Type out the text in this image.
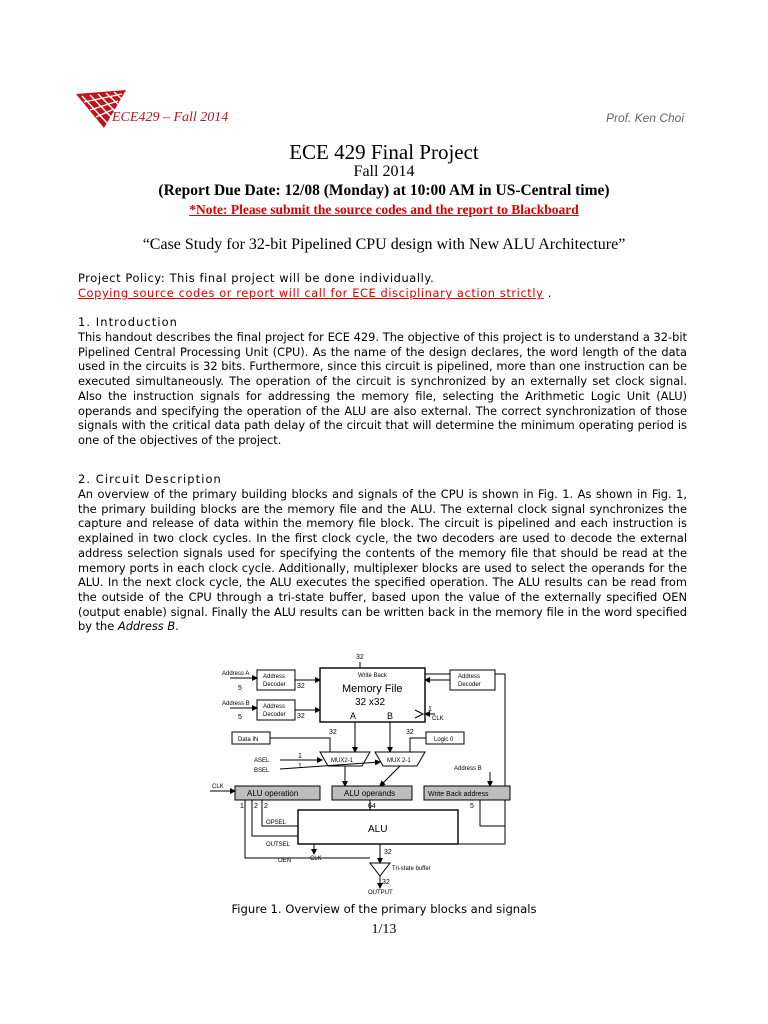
ECE429 – Fall 2014	Prof. Ken Choi
ECE 429 Final Project
Fall 2014
(Report Due Date: 12/08 (Monday) at 10:00 AM in US-Central time)
*Note: Please submit the source codes and the report to Blackboard
“Case Study for 32-bit Pipelined CPU design with New ALU Architecture”
Project Policy: This final project will be done individually.
Copying source codes or report will call for ECE disciplinary action strictly .
1. Introduction
This handout describes the final project for ECE 429. The objective of this project is to understand a 32-bit Pipelined Central Processing Unit (CPU). As the name of the design declares, the word length of the data used in the circuits is 32 bits. Furthermore, since this circuit is pipelined, more than one instruction can be executed simultaneously. The operation of the circuit is synchronized by an externally set clock signal. Also the instruction signals for addressing the memory file, selecting the Arithmetic Logic Unit (ALU) operands and specifying the operation of the ALU are also external. The correct synchronization of those signals with the critical data path delay of the circuit that will determine the minimum operating period is one of the objectives of the project.
2. Circuit Description
An overview of the primary building blocks and signals of the CPU is shown in Fig. 1. As shown in Fig. 1, the primary building blocks are the memory file and the ALU. The external clock signal synchronizes the capture and release of data within the memory file block. The circuit is pipelined and each instruction is explained in two clock cycles. In the first clock cycle, the two decoders are used to decode the external address selection signals used for specifying the contents of the memory file that should be read at the memory ports in each clock cycle. Additionally, multiplexer blocks are used to select the operands for the ALU. In the next clock cycle, the ALU executes the specified operation. The ALU results can be read from the outside of the CPU through a tri-state buffer, based upon the value of the externally specified OEN (output enable) signal. Finally the ALU results can be written back in the memory file in the word specified by the Address B.
32
Write Back
Address A
Address B
Address
Decoder
Address
Decoder
Address
Decoder
Memory File
32 x32
A	B	CLK
5
5
32
32
1
Data IN	Logic 0
32	32
ASEL
BSEL
1
1
MUX2-1	MUX 2-1
Address B
CLK
ALU operation	ALU operands	Write Back address
1 2 2	5
64
OPSEL
OUTSEL
ALU
CLK
32
OEN
Tri-state buffer
32
OUTPUT
Figure 1. Overview of the primary blocks and signals
1/13
